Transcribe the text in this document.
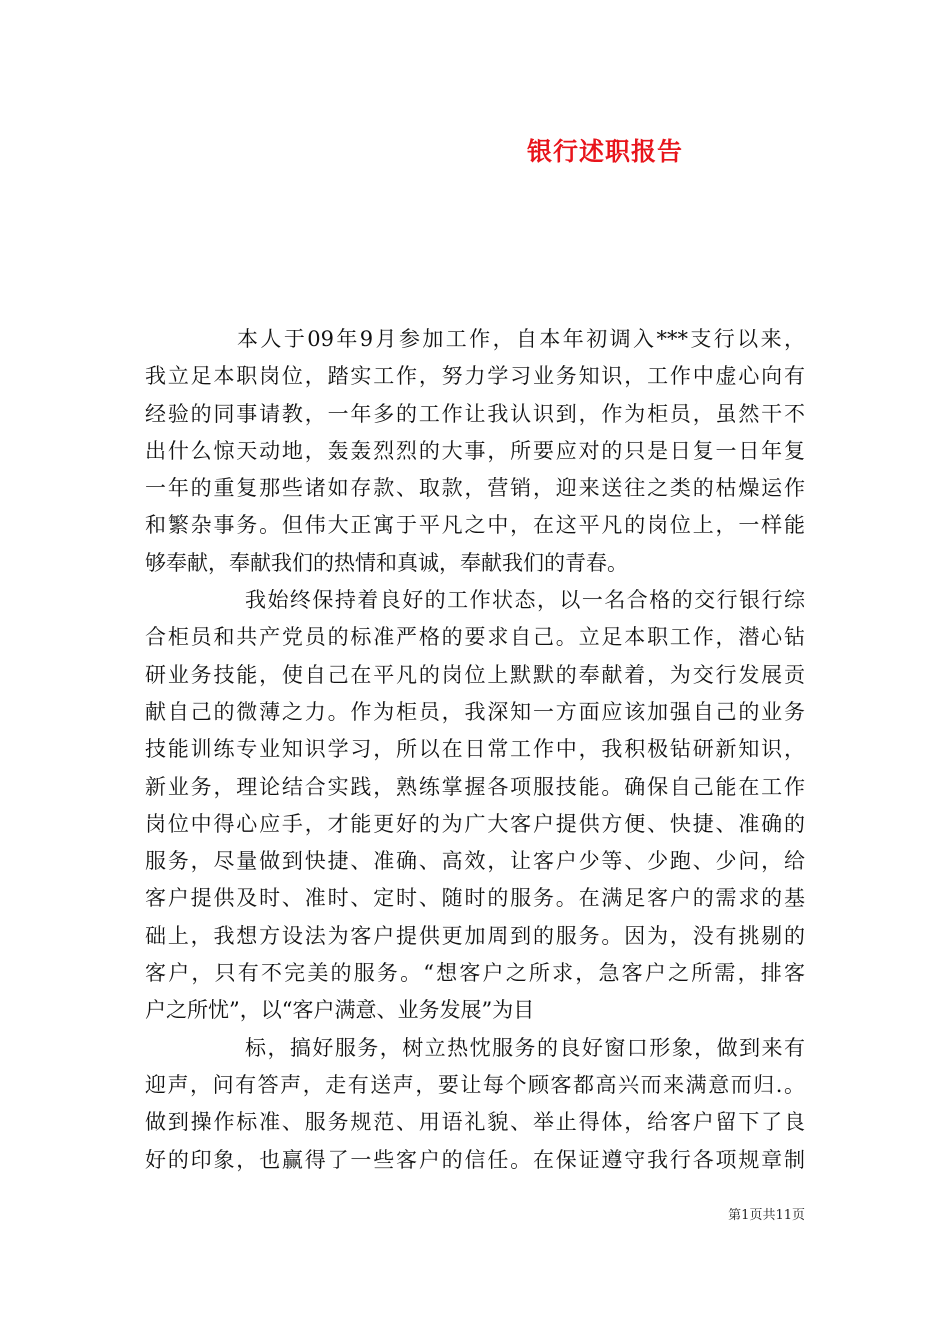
银行述职报告
本人于09年9月参加工作，自本年初调入***支行以来，
我立足本职岗位，踏实工作，努力学习业务知识，工作中虚心向有
经验的同事请教，一年多的工作让我认识到，作为柜员，虽然干不
出什么惊天动地，轰轰烈烈的大事，所要应对的只是日复一日年复
一年的重复那些诸如存款、取款，营销，迎来送往之类的枯燥运作
和繁杂事务。但伟大正寓于平凡之中，在这平凡的岗位上，一样能
够奉献，奉献我们的热情和真诚，奉献我们的青春。
我始终保持着良好的工作状态，以一名合格的交行银行综
合柜员和共产党员的标准严格的要求自己。立足本职工作，潜心钻
研业务技能，使自己在平凡的岗位上默默的奉献着，为交行发展贡
献自己的微薄之力。作为柜员，我深知一方面应该加强自己的业务
技能训练专业知识学习，所以在日常工作中，我积极钻研新知识，
新业务，理论结合实践，熟练掌握各项服技能。确保自己能在工作
岗位中得心应手，才能更好的为广大客户提供方便、快捷、准确的
服务，尽量做到快捷、准确、高效，让客户少等、少跑、少问，给
客户提供及时、准时、定时、随时的服务。在满足客户的需求的基
础上，我想方设法为客户提供更加周到的服务。因为，没有挑剔的
客户，只有不完美的服务。“想客户之所求，急客户之所需，排客
户之所忧”，以“客户满意、业务发展”为目
标，搞好服务，树立热忱服务的良好窗口形象，做到来有
迎声，问有答声，走有送声，要让每个顾客都高兴而来满意而归.。
做到操作标准、服务规范、用语礼貌、举止得体，给客户留下了良
好的印象，也赢得了一些客户的信任。在保证遵守我行各项规章制
第1页共11页
